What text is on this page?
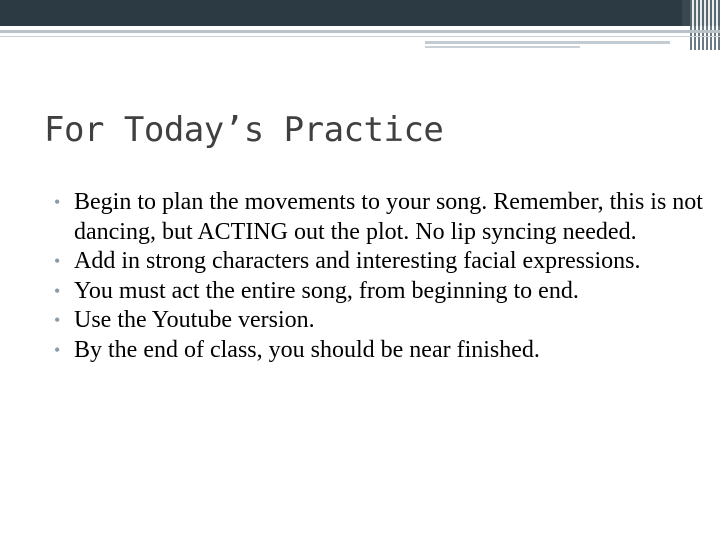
For Today’s Practice
• Begin to plan the movements to your song. Remember, this is not dancing, but ACTING out the plot. No lip syncing needed.
• Add in strong characters and interesting facial expressions.
• You must act the entire song, from beginning to end.
• Use the Youtube version.
• By the end of class, you should be near finished.
